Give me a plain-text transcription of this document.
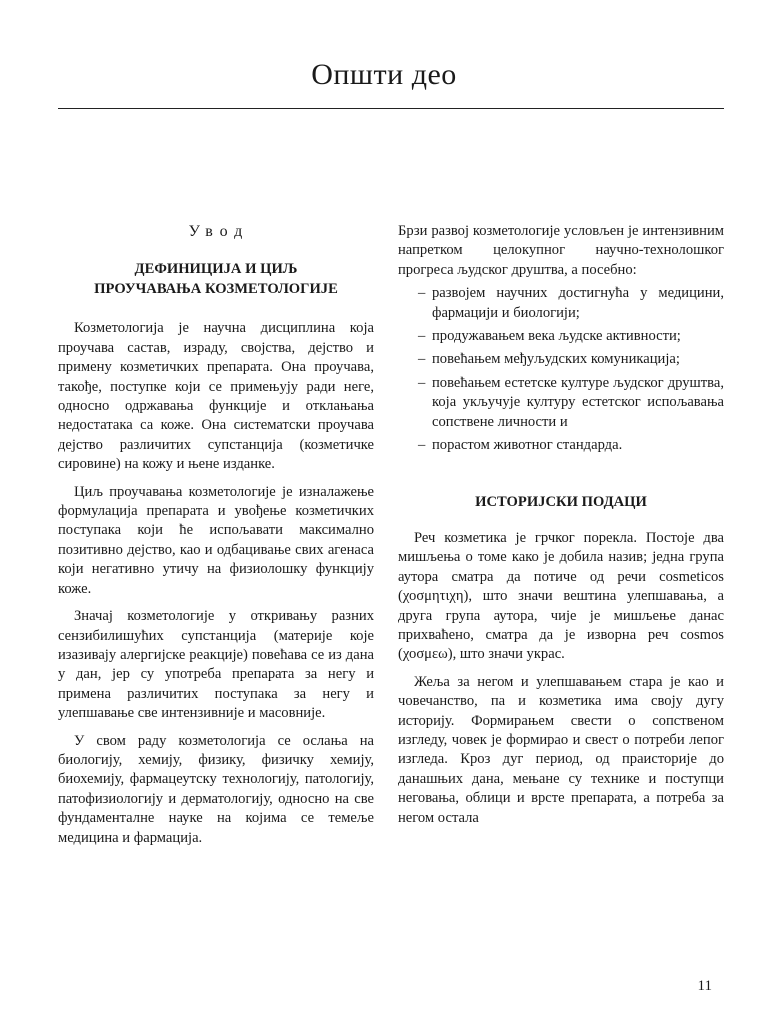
Општи део
Увод
ДЕФИНИЦИЈА И ЦИЉ
ПРОУЧАВАЊА КОЗМЕТОЛОГИЈЕ

Козметологија је научна дисциплина која проучава састав, израду, својства, дејство и примену козметичких препарата. Она проучава, такође, поступке који се примењују ради неге, односно одржавања функције и отклањања недостатака са коже. Она систематски проучава дејство различитих супстанција (козметичке сировине) на кожу и њене изданке.

Циљ проучавања козметологије је изналажење формулација препарата и увођење козметичких поступака који ће испољавати максимално позитивно дејство, као и одбацивање свих агенаса који негативно утичу на физиолошку функцију коже.

Значај козметологије у откривању разних сензибилишућих супстанција (материје које изазивају алергијске реакције) повећава се из дана у дан, јер су употреба препарата за негу и примена различитих поступака за негу и улепшавање све интензивније и масовније.

У свом раду козметологија се ослања на биологију, хемију, физику, физичку хемију, биохемију, фармацеутску технологију, патологију, патофизиологију и дерматологију, односно на све фундаменталне науке на којима се темеље медицина и фармација.

Брзи развој козметологије условљен је интензивним напретком целокупног научно-технолошког прогреса људског друштва, а посебно:

– развојем научних достигнућа у медицини, фармацији и биологији;
– продужавањем века људске активности;
– повећањем међуљудских комуникација;
– повећањем естетске културе људског друштва, која укључује културу естетског испољавања сопствене личности и
– порастом животног стандарда.
ИСТОРИЈСКИ ПОДАЦИ

Реч козметика је грчког порекла. Постоје два мишљења о томе како је добила назив; једна група аутора сматра да потиче од речи cosmeticos (χοσμητιχη), што значи вештина улепшавања, а друга група аутора, чије је мишљење данас прихваћено, сматра да је изворна реч cosmos (χοσμεω), што значи украс.

Жеља за негом и улепшавањем стара је као и човечанство, па и козметика има своју дугу историју. Формирањем свести о сопственом изгледу, човек је формирао и свест о потреби лепог изгледа. Кроз дуг период, од праисторије до данашњих дана, мењане су технике и поступци неговања, облици и врсте препарата, а потреба за негом остала

11
